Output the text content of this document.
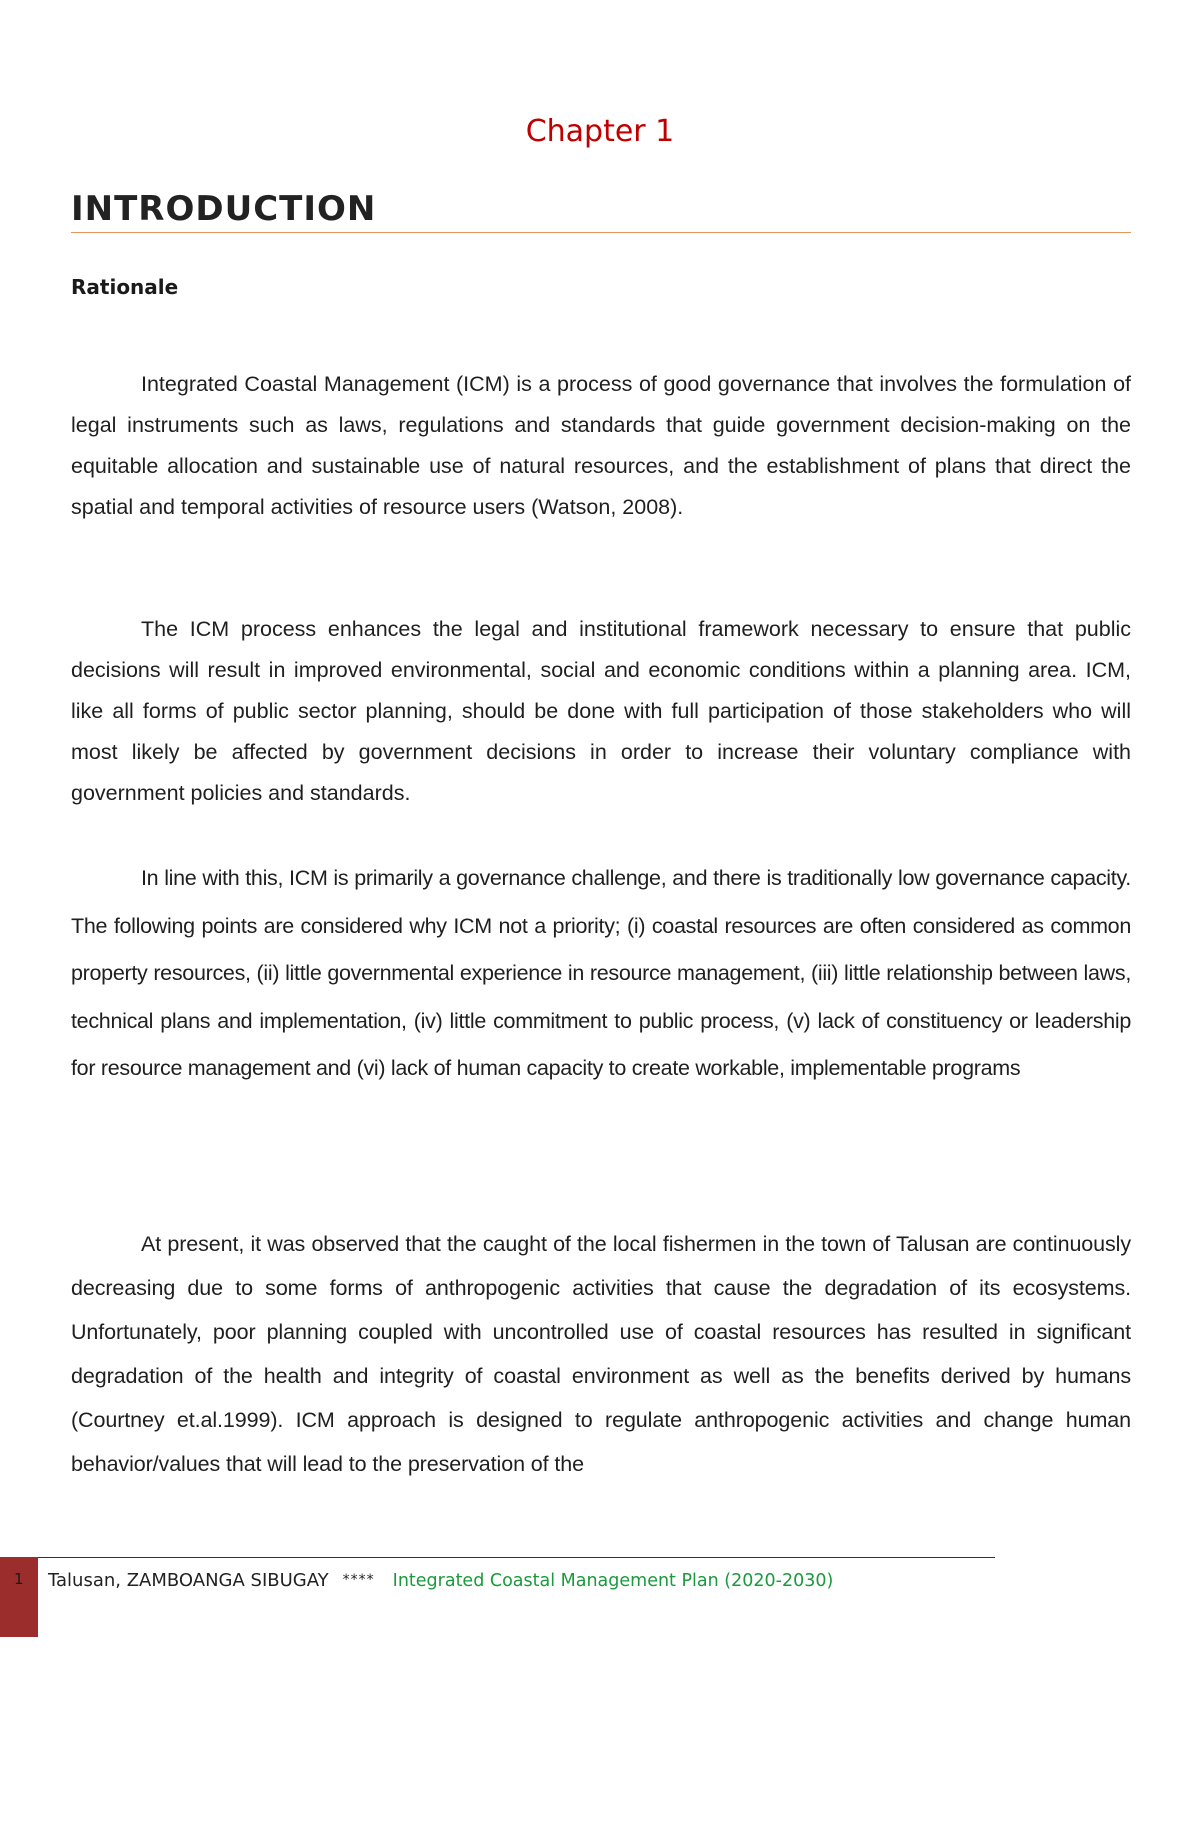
Chapter 1
INTRODUCTION
Rationale

Integrated Coastal Management (ICM) is a process of good governance that involves the formulation of legal instruments such as laws, regulations and standards that guide government decision-making on the equitable allocation and sustainable use of natural resources, and the establishment of plans that direct the spatial and temporal activities of resource users (Watson, 2008).

The ICM process enhances the legal and institutional framework necessary to ensure that public decisions will result in improved environmental, social and economic conditions within a planning area. ICM, like all forms of public sector planning, should be done with full participation of those stakeholders who will most likely be affected by government decisions in order to increase their voluntary compliance with government policies and standards.

In line with this, ICM is primarily a governance challenge, and there is traditionally low governance capacity. The following points are considered why ICM not a priority; (i) coastal resources are often considered as common property resources, (ii) little governmental experience in resource management, (iii) little relationship between laws, technical plans and implementation, (iv) little commitment to public process, (v) lack of constituency or leadership for resource management and (vi) lack of human capacity to create workable, implementable programs

At present, it was observed that the caught of the local fishermen in the town of Talusan are continuously decreasing due to some forms of anthropogenic activities that cause the degradation of its ecosystems. Unfortunately, poor planning coupled with uncontrolled use of coastal resources has resulted in significant degradation of the health and integrity of coastal environment as well as the benefits derived by humans (Courtney et.al.1999). ICM approach is designed to regulate anthropogenic activities and change human behavior/values that will lead to the preservation of the

1 Talusan, ZAMBOANGA SIBUGAY **** Integrated Coastal Management Plan (2020-2030)
